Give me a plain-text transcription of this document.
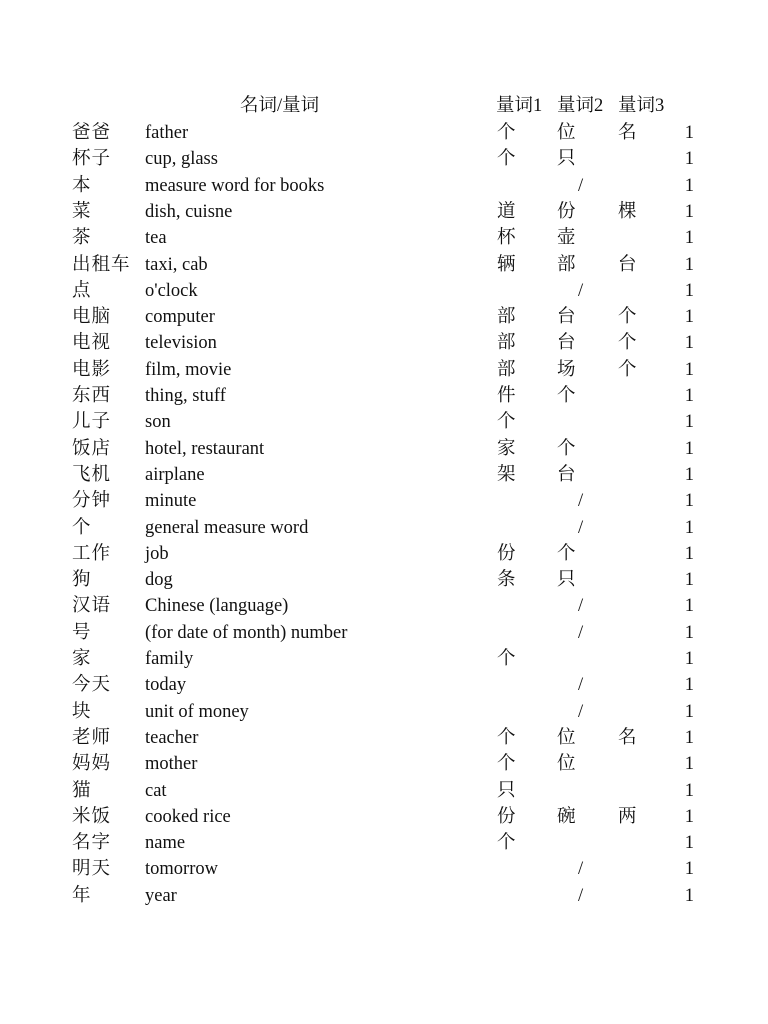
名词/量词	量词1 量词2 量词3
爸爸 father	个 位 名	1
杯子 cup, glass	个 只	1
本	measure word for books	/	1
菜	dish, cuisne	道 份 棵	1
茶	tea	杯 壶	1
出租车 taxi, cab	辆 部 台	1
点	o'clock	/	1
电脑 computer	部 台 个	1
电视 television	部 台 个	1
电影 film, movie	部 场 个	1
东西 thing, stuff	件 个	1
儿子 son	个	1
饭店 hotel, restaurant	家 个	1
飞机 airplane	架 台	1
分钟 minute	/	1
个	general measure word	/	1
工作 job	份 个	1
狗	dog	条 只	1
汉语 Chinese (language)	/	1
号	(for date of month) number	/	1
家	family	个	1
今天 today	/	1
块	unit of money	/	1
老师 teacher	个 位 名	1
妈妈 mother	个 位	1
猫	cat	只	1
米饭 cooked rice	份 碗 两	1
名字 name	个	1
明天 tomorrow	/	1
年	year	/	1
